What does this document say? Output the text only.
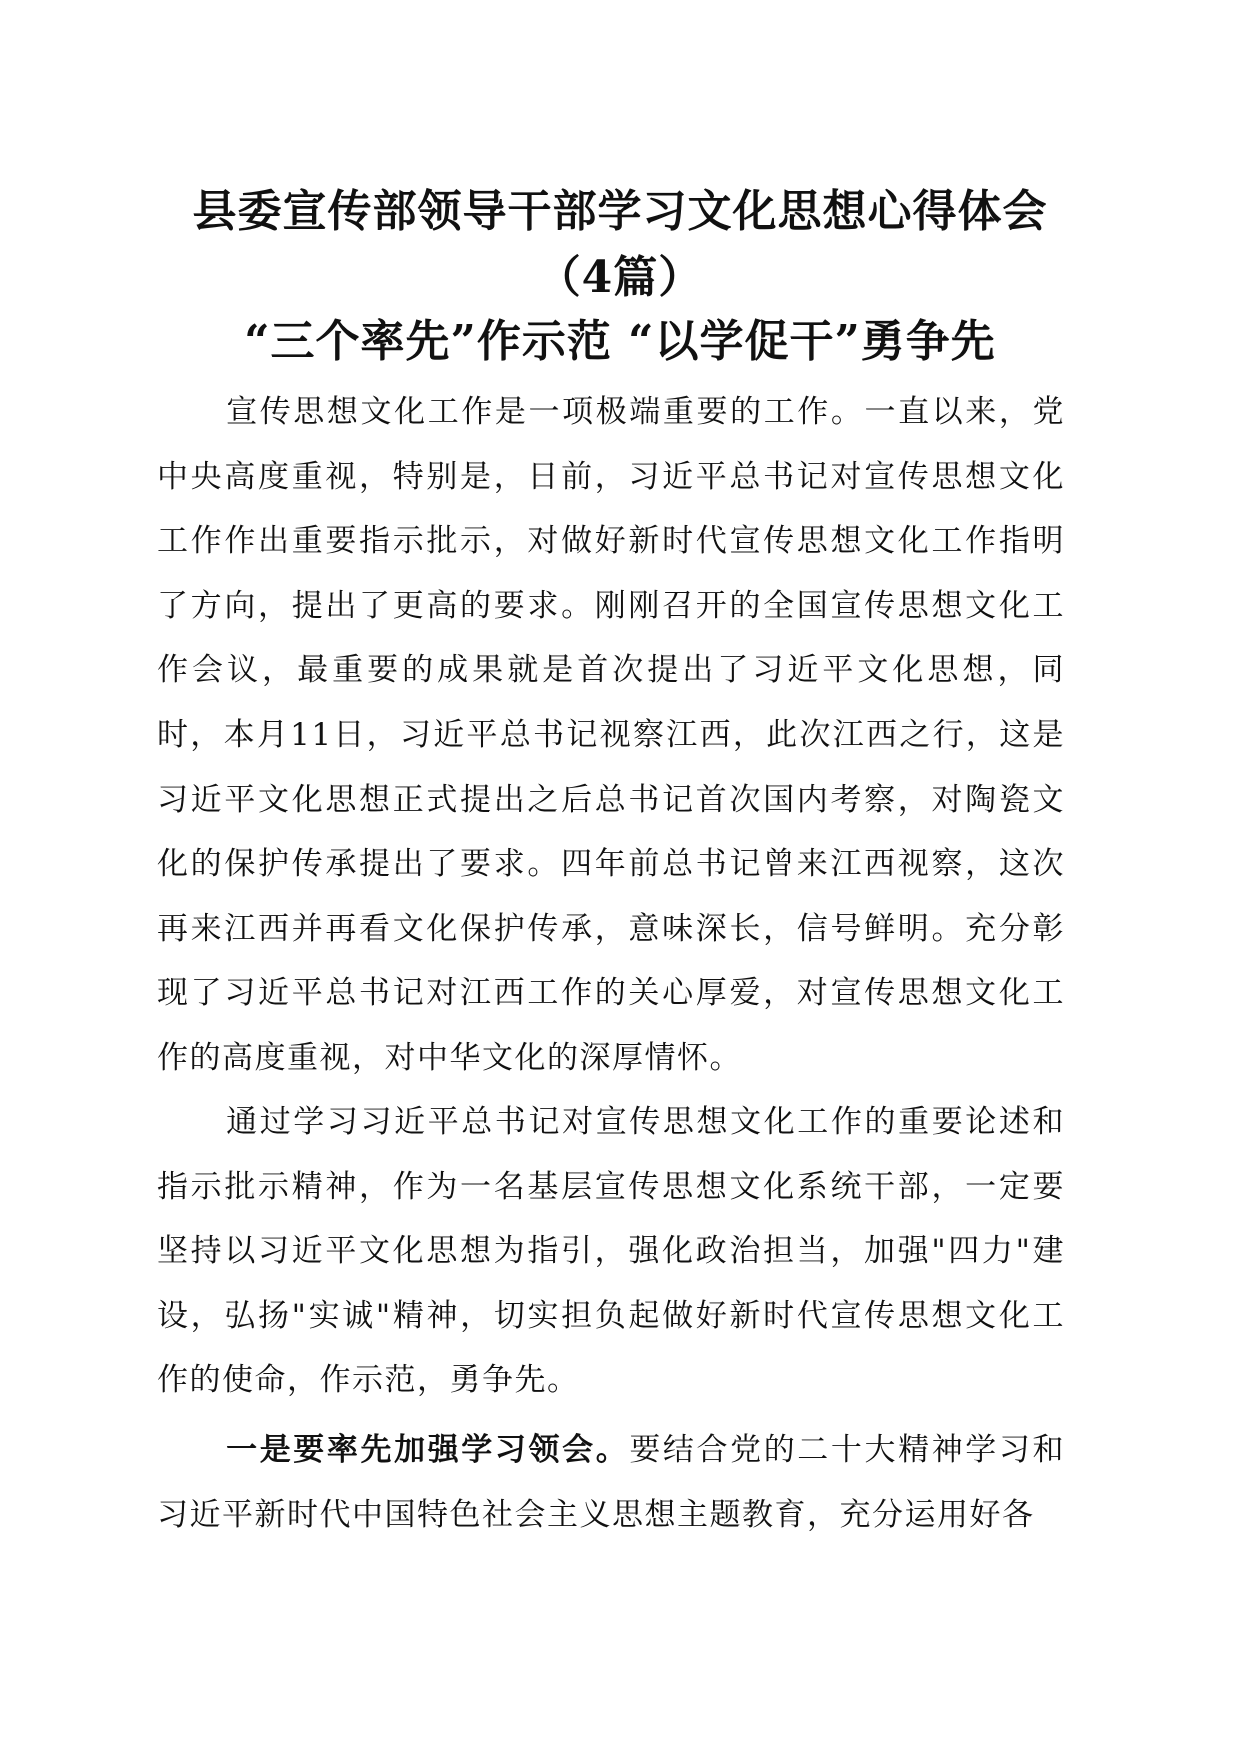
县委宣传部领导干部学习文化思想心得体会
（4篇）
“三个率先”作示范 “以学促干”勇争先

宣传思想文化工作是一项极端重要的工作。一直以来，党中央高度重视，特别是，日前，习近平总书记对宣传思想文化工作作出重要指示批示，对做好新时代宣传思想文化工作指明了方向，提出了更高的要求。刚刚召开的全国宣传思想文化工作会议，最重要的成果就是首次提出了习近平文化思想，同时，本月11日，习近平总书记视察江西，此次江西之行，这是习近平文化思想正式提出之后总书记首次国内考察，对陶瓷文化的保护传承提出了要求。四年前总书记曾来江西视察，这次再来江西并再看文化保护传承，意味深长，信号鲜明。充分彰现了习近平总书记对江西工作的关心厚爱，对宣传思想文化工作的高度重视，对中华文化的深厚情怀。

通过学习习近平总书记对宣传思想文化工作的重要论述和指示批示精神，作为一名基层宣传思想文化系统干部，一定要坚持以习近平文化思想为指引，强化政治担当，加强"四力"建设，弘扬"实诚"精神，切实担负起做好新时代宣传思想文化工作的使命，作示范，勇争先。

一是要率先加强学习领会。要结合党的二十大精神学习和习近平新时代中国特色社会主义思想主题教育，充分运用好各
